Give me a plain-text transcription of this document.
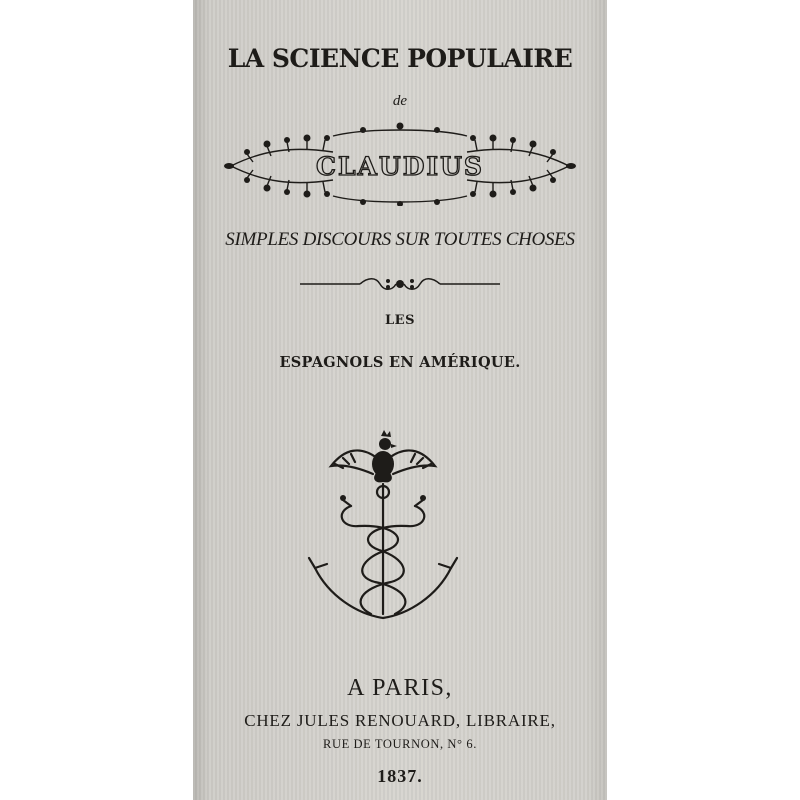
LA SCIENCE POPULAIRE
de
CLAUDIUS
SIMPLES DISCOURS SUR TOUTES CHOSES
LES
ESPAGNOLS EN AMÉRIQUE.
A PARIS,
CHEZ JULES RENOUARD, LIBRAIRE,
RUE DE TOURNON, N° 6.
1837.
